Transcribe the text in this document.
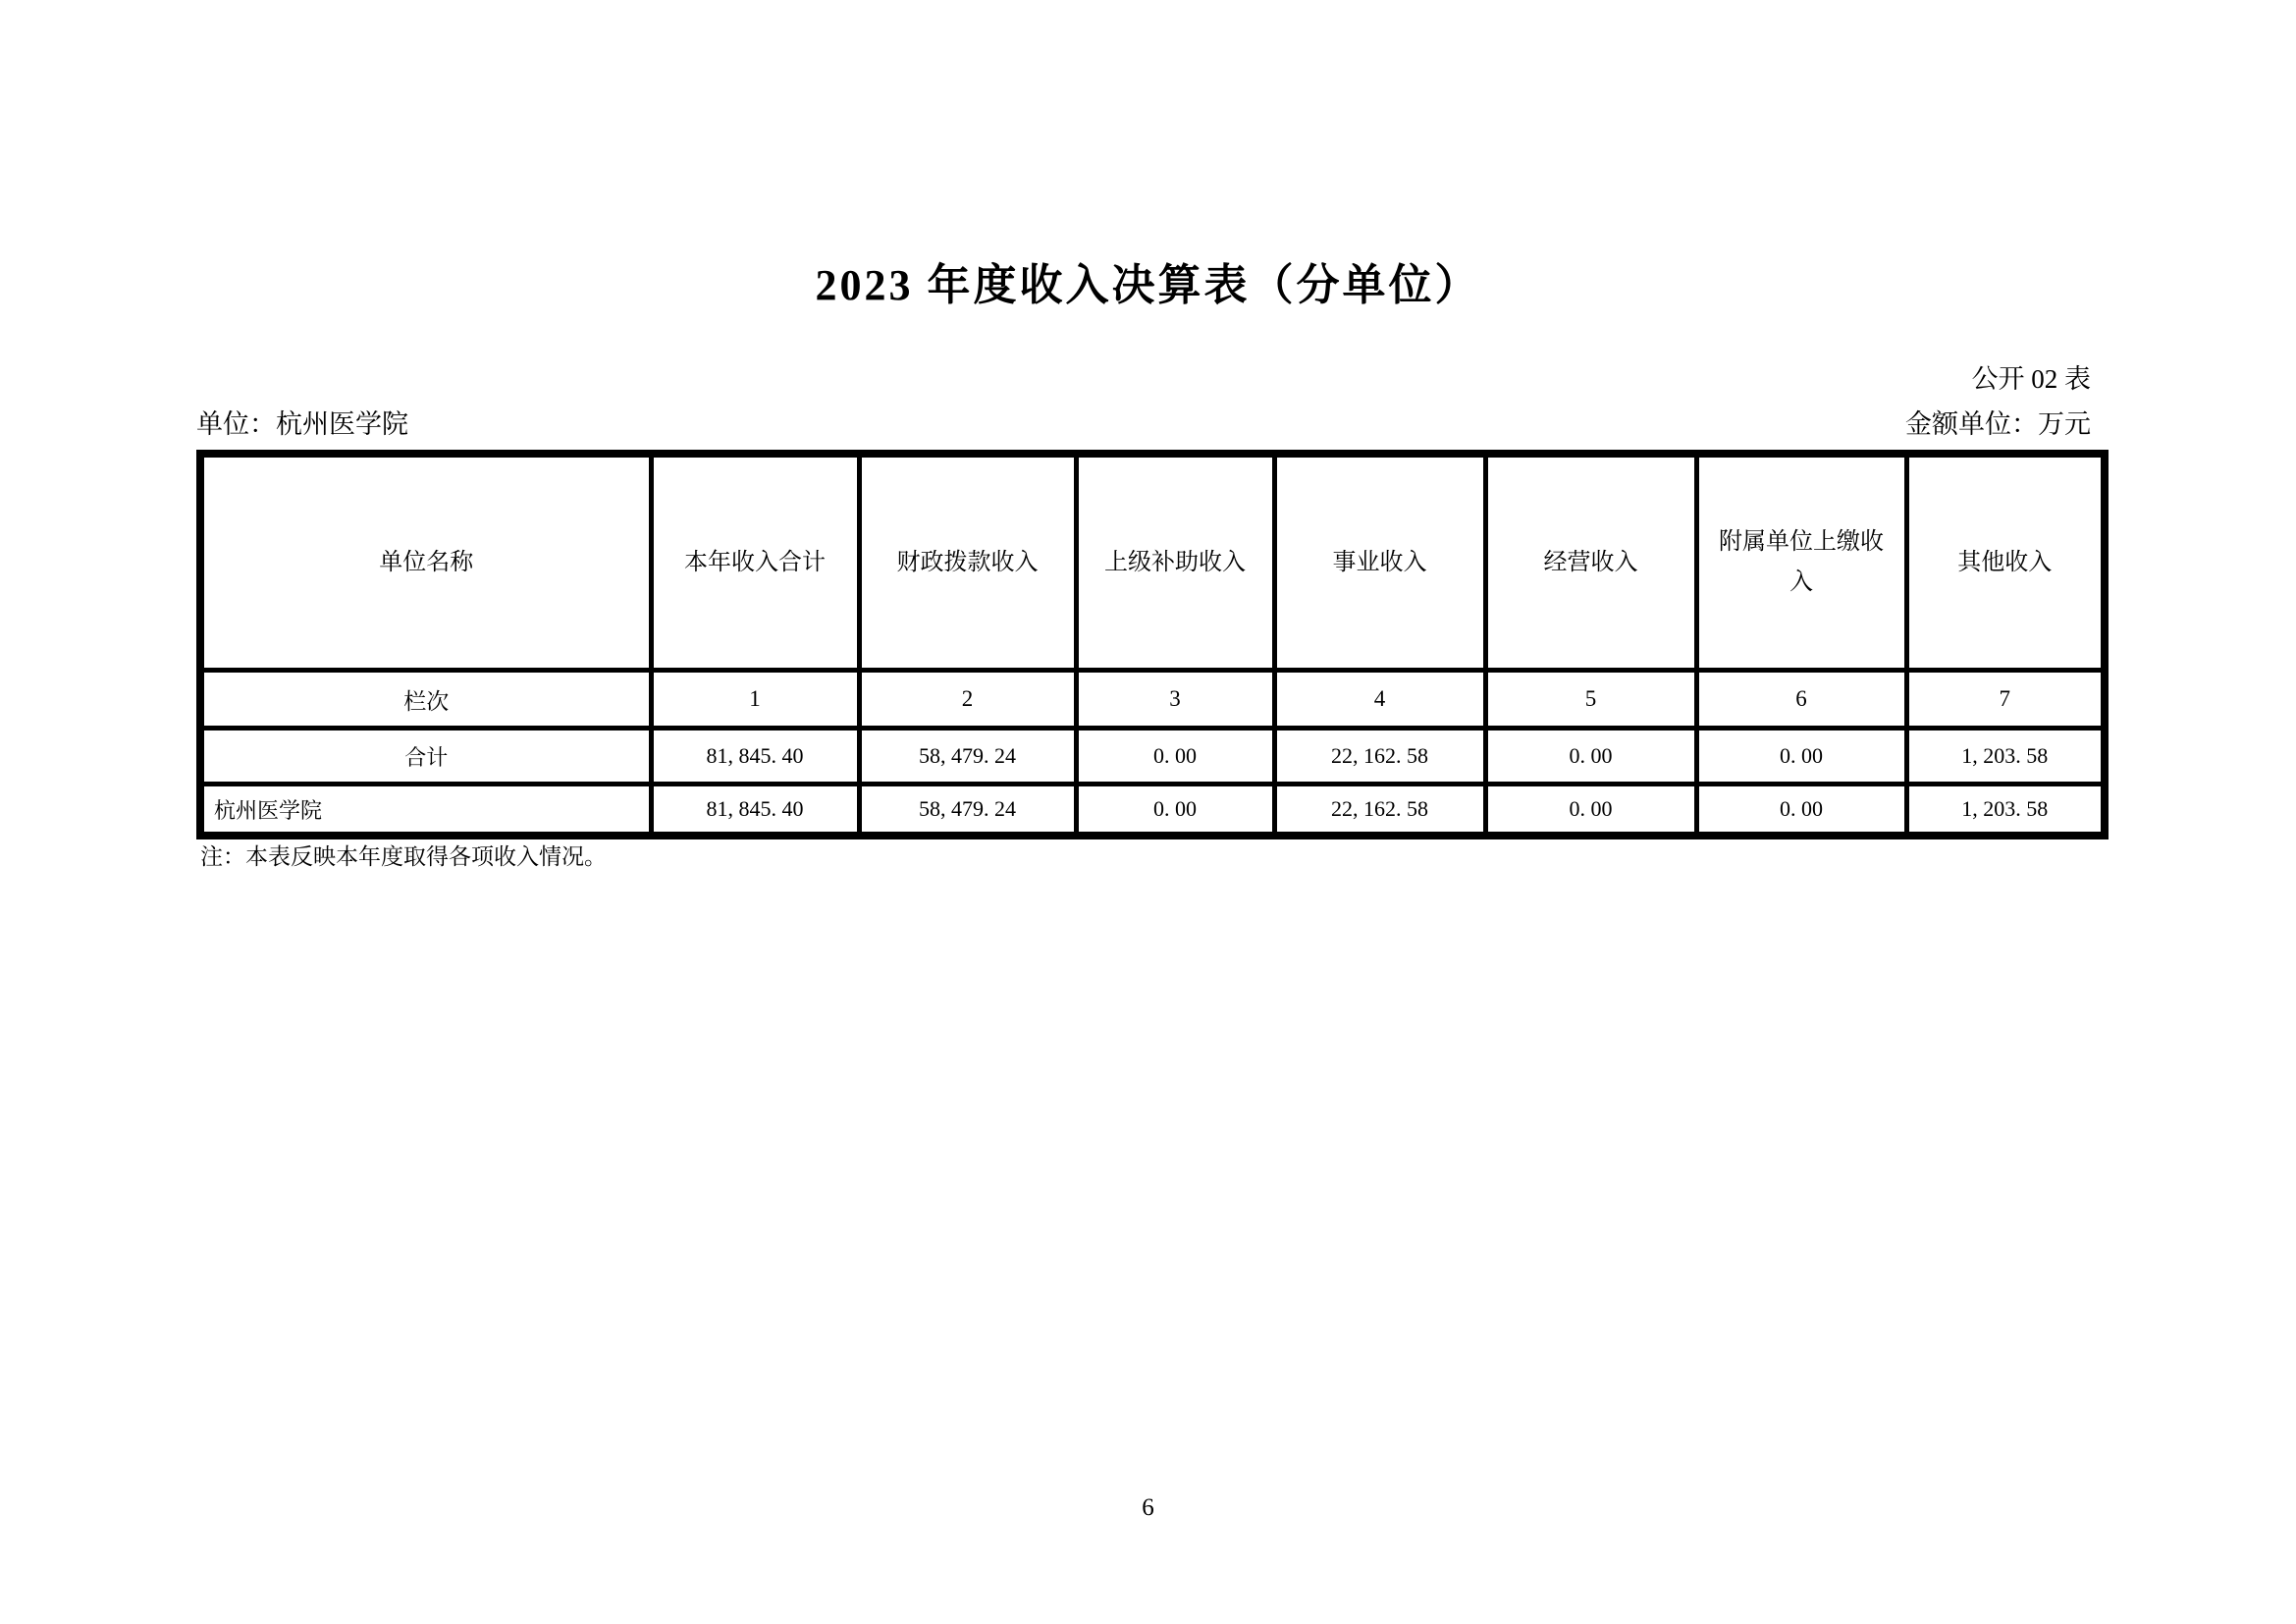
2023 年度收入决算表（分单位）
公开 02 表
单位：杭州医学院	金额单位：万元
单位名称	本年收入合计	财政拨款收入	上级补助收入	事业收入	经营收入	附属单位上缴收入	其他收入
栏次	1	2	3	4	5	6	7
合计	81, 845. 40	58, 479. 24	0. 00	22, 162. 58	0. 00	0. 00	1, 203. 58
杭州医学院	81, 845. 40	58, 479. 24	0. 00	22, 162. 58	0. 00	0. 00	1, 203. 58
注：本表反映本年度取得各项收入情况。
6
